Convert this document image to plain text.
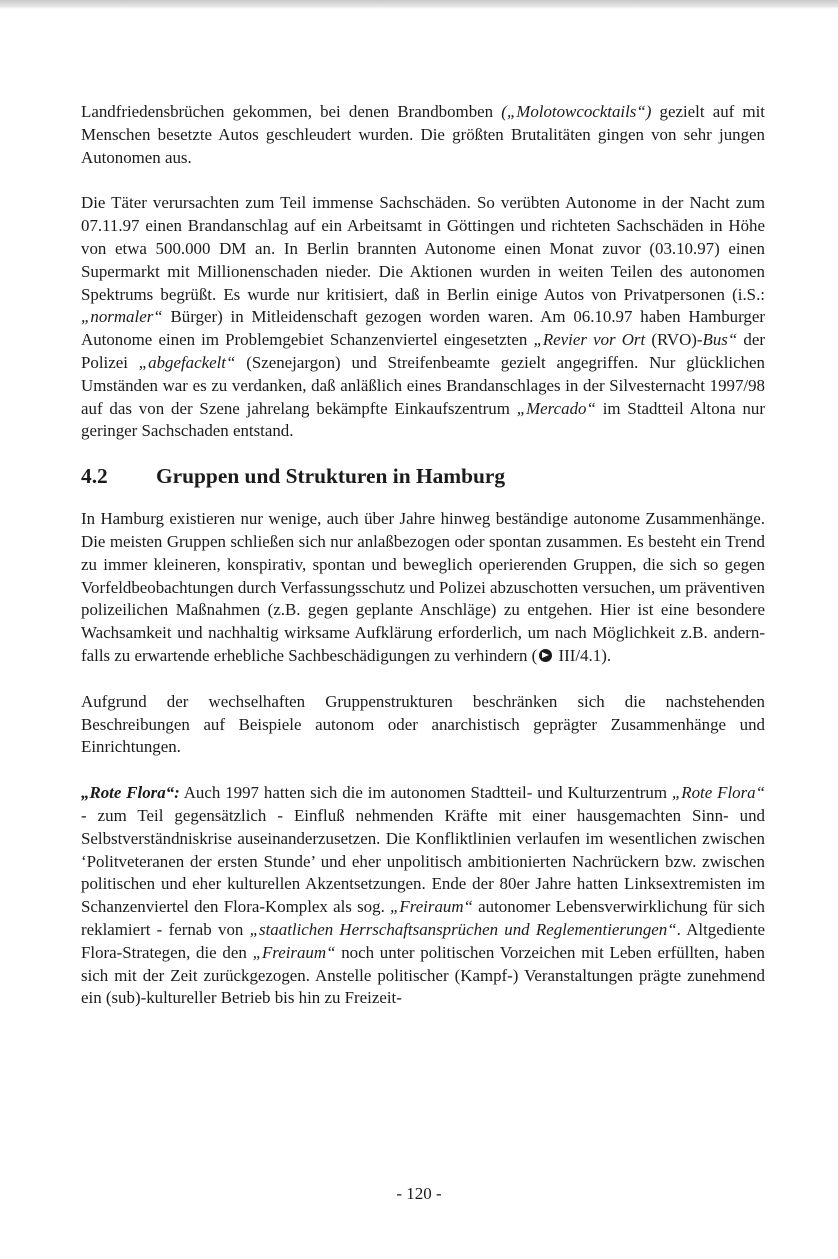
Landfriedensbrüchen gekommen, bei denen Brandbomben („Molotowcocktails“) gezielt auf mit Menschen besetzte Autos geschleudert wurden. Die größten Brutalitäten gingen von sehr jungen Autonomen aus.

Die Täter verursachten zum Teil immense Sachschäden. So verübten Autonome in der Nacht zum 07.11.97 einen Brandanschlag auf ein Arbeitsamt in Göttingen und richteten Sachschäden in Höhe von etwa 500.000 DM an. In Berlin brannten Autonome einen Monat zuvor (03.10.97) einen Supermarkt mit Millionenschaden nieder. Die Aktionen wurden in weiten Teilen des autonomen Spektrums begrüßt. Es wurde nur kritisiert, daß in Berlin einige Autos von Privatpersonen (i.S.: „normaler“ Bürger) in Mitleidenschaft gezogen worden waren. Am 06.10.97 haben Hamburger Autonome einen im Problemgebiet Schanzenviertel eingesetzten „Revier vor Ort (RVO)-Bus“ der Polizei „abgefackelt“ (Szenejargon) und Streifenbeamte gezielt angegriffen. Nur glücklichen Umständen war es zu verdanken, daß anläßlich eines Brandanschlages in der Silvesternacht 1997/98 auf das von der Szene jahrelang bekämpfte Einkaufszentrum „Mercado“ im Stadtteil Altona nur geringer Sachschaden entstand.

4.2	Gruppen und Strukturen in Hamburg

In Hamburg existieren nur wenige, auch über Jahre hinweg beständige autonome Zusammenhänge. Die meisten Gruppen schließen sich nur anlaßbezogen oder spontan zusammen. Es besteht ein Trend zu immer kleineren, konspirativ, spontan und beweglich operierenden Gruppen, die sich so gegen Vorfeldbeobachtungen durch Verfassungsschutz und Polizei abzuschotten versuchen, um präventiven polizeilichen Maßnahmen (z.B. gegen geplante Anschläge) zu entgehen. Hier ist eine besondere Wachsamkeit und nachhaltig wirksame Aufklärung erforderlich, um nach Möglichkeit z.B. andernfalls zu erwartende erhebliche Sachbeschädigungen zu verhindern ( III/4.1).

Aufgrund der wechselhaften Gruppenstrukturen beschränken sich die nachstehenden Beschreibungen auf Beispiele autonom oder anarchistisch geprägter Zusammenhänge und Einrichtungen.

„Rote Flora“: Auch 1997 hatten sich die im autonomen Stadtteil- und Kulturzentrum „Rote Flora“ - zum Teil gegensätzlich - Einfluß nehmenden Kräfte mit einer hausgemachten Sinn- und Selbstverständniskrise auseinanderzusetzen. Die Konfliktlinien verlaufen im wesentlichen zwischen ‘Politveteranen der ersten Stunde’ und eher unpolitisch ambitionierten Nachrückern bzw. zwischen politischen und eher kulturellen Akzentsetzungen. Ende der 80er Jahre hatten Linksextremisten im Schanzenviertel den Flora-Komplex als sog. „Freiraum“ autonomer Lebensverwirklichung für sich reklamiert - fernab von „staatlichen Herrschaftsansprüchen und Reglementierungen“. Altgediente Flora-Strategen, die den „Freiraum“ noch unter politischen Vorzeichen mit Leben erfüllten, haben sich mit der Zeit zurückgezogen. Anstelle politischer (Kampf-) Veranstaltungen prägte zunehmend ein (sub)-kultureller Betrieb bis hin zu Freizeit-

- 120 -
